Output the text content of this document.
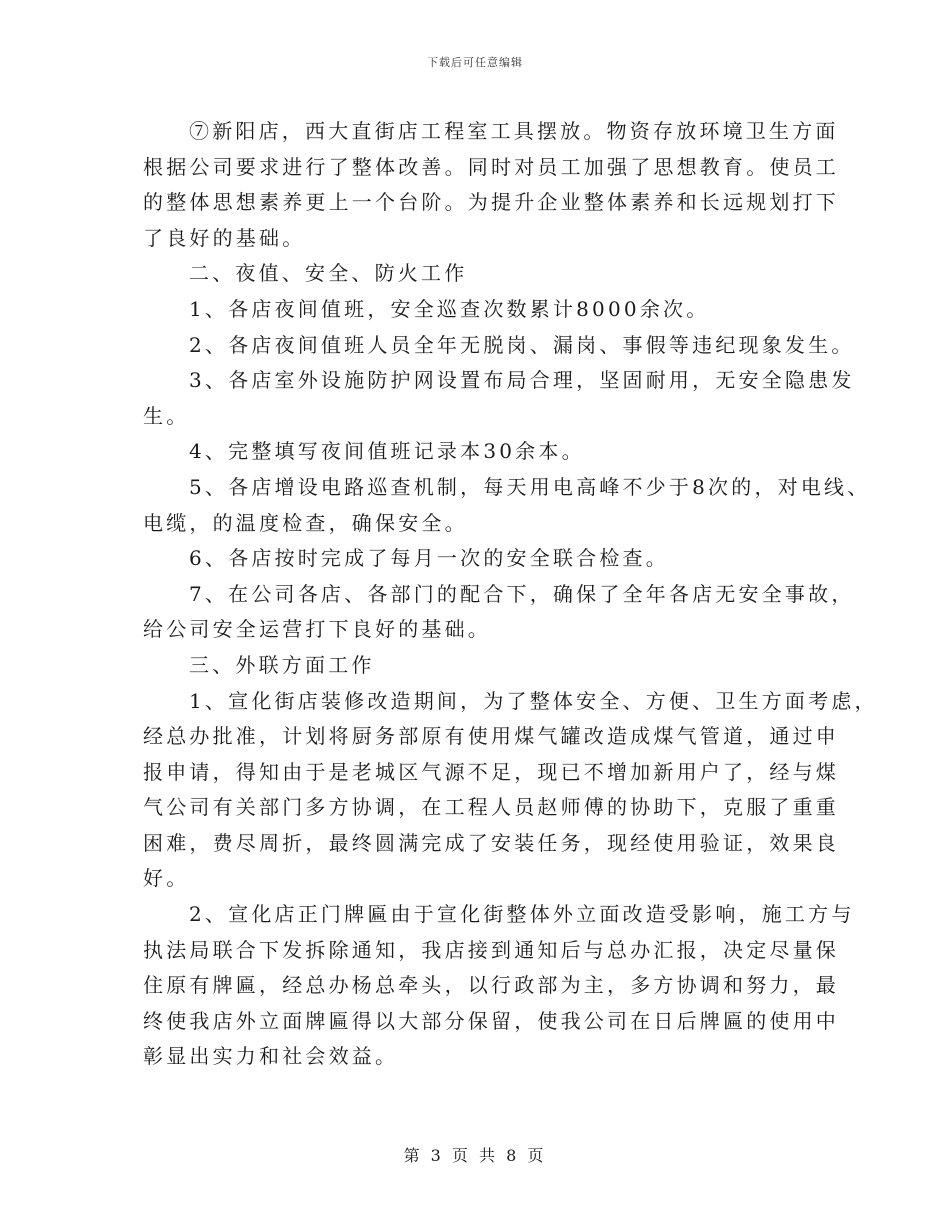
下载后可任意编辑
⑦新阳店，西大直街店工程室工具摆放。物资存放环境卫生方面
根据公司要求进行了整体改善。同时对员工加强了思想教育。使员工
的整体思想素养更上一个台阶。为提升企业整体素养和长远规划打下
了良好的基础。
二、夜值、安全、防火工作
1、各店夜间值班，安全巡查次数累计8000余次。
2、各店夜间值班人员全年无脱岗、漏岗、事假等违纪现象发生。
3、各店室外设施防护网设置布局合理，坚固耐用，无安全隐患发
生。
4、完整填写夜间值班记录本30余本。
5、各店增设电路巡查机制，每天用电高峰不少于8次的，对电线、
电缆，的温度检查，确保安全。
6、各店按时完成了每月一次的安全联合检查。
7、在公司各店、各部门的配合下，确保了全年各店无安全事故，
给公司安全运营打下良好的基础。
三、外联方面工作
1、宣化街店装修改造期间，为了整体安全、方便、卫生方面考虑，
经总办批准，计划将厨务部原有使用煤气罐改造成煤气管道，通过申
报申请，得知由于是老城区气源不足，现已不增加新用户了，经与煤
气公司有关部门多方协调，在工程人员赵师傅的协助下，克服了重重
困难，费尽周折，最终圆满完成了安装任务，现经使用验证，效果良
好。
2、宣化店正门牌匾由于宣化街整体外立面改造受影响，施工方与
执法局联合下发拆除通知，我店接到通知后与总办汇报，决定尽量保
住原有牌匾，经总办杨总牵头，以行政部为主，多方协调和努力，最
终使我店外立面牌匾得以大部分保留，使我公司在日后牌匾的使用中
彰显出实力和社会效益。
第 3 页 共 8 页
